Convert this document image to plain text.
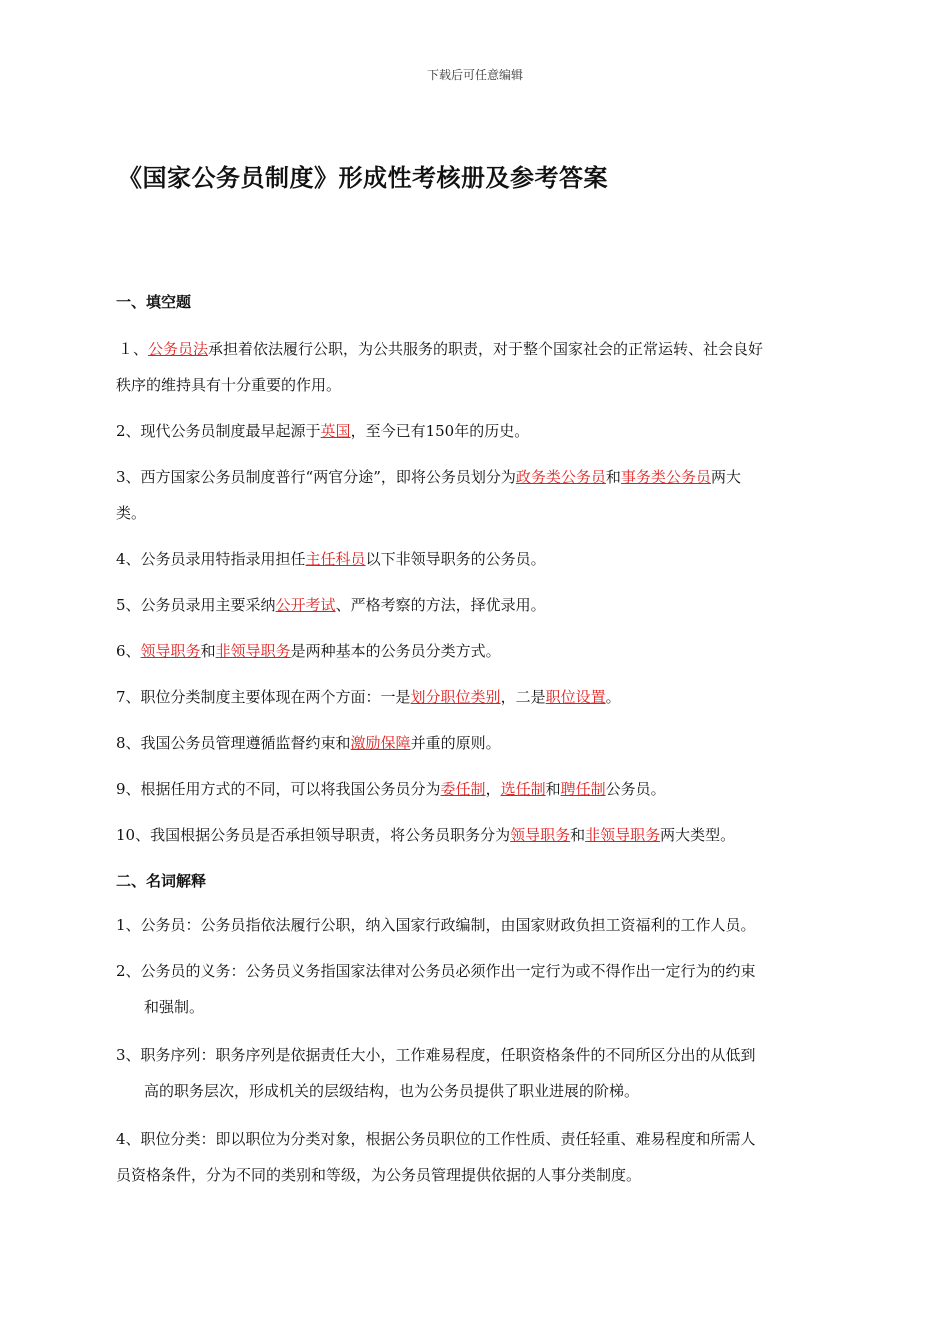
下载后可任意编辑
《国家公务员制度》形成性考核册及参考答案
一、填空题
１、公务员法承担着依法履行公职，为公共服务的职责，对于整个国家社会的正常运转、社会良好
秩序的维持具有十分重要的作用。
2、现代公务员制度最早起源于英国，至今已有150年的历史。
3、西方国家公务员制度普行“两官分途”，即将公务员划分为政务类公务员和事务类公务员两大
类。
4、公务员录用特指录用担任主任科员以下非领导职务的公务员。
5、公务员录用主要采纳公开考试、严格考察的方法，择优录用。
6、领导职务和非领导职务是两种基本的公务员分类方式。
7、职位分类制度主要体现在两个方面：一是划分职位类别，二是职位设置。
8、我国公务员管理遵循监督约束和激励保障并重的原则。
9、根据任用方式的不同，可以将我国公务员分为委任制，选任制和聘任制公务员。
10、我国根据公务员是否承担领导职责，将公务员职务分为领导职务和非领导职务两大类型。
二、名词解释
1、公务员：公务员指依法履行公职，纳入国家行政编制，由国家财政负担工资福利的工作人员。
2、公务员的义务：公务员义务指国家法律对公务员必须作出一定行为或不得作出一定行为的约束
和强制。
3、职务序列：职务序列是依据责任大小，工作难易程度，任职资格条件的不同所区分出的从低到
高的职务层次，形成机关的层级结构，也为公务员提供了职业进展的阶梯。
4、职位分类：即以职位为分类对象，根据公务员职位的工作性质、责任轻重、难易程度和所需人
员资格条件，分为不同的类别和等级，为公务员管理提供依据的人事分类制度。
